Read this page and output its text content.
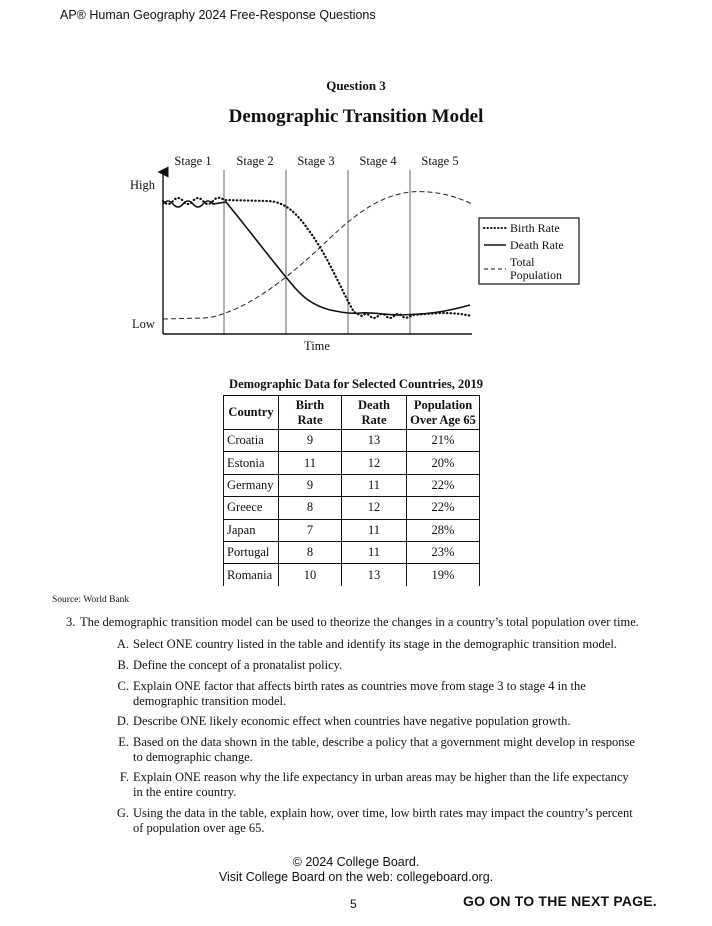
AP® Human Geography 2024 Free-Response Questions
Question 3
Demographic Transition Model
Stage 1 Stage 2 Stage 3 Stage 4 Stage 5
High
Low
Time
Birth Rate
Death Rate
Total
Population
Demographic Data for Selected Countries, 2019
Country	Birth Rate	Death Rate	Population
Over Age 65

Croatia	9	13	21%
Estonia	11	12	20%
Germany	9	11	22%
Greece	8	12	22%
Japan	7	11	28%
Portugal	8	11	23%
Romania	10	13	19%
Source: World Bank
3. The demographic transition model can be used to theorize the changes in a country’s total population over time.
A. Select ONE country listed in the table and identify its stage in the demographic transition model.
B. Define the concept of a pronatalist policy.
C. Explain ONE factor that affects birth rates as countries move from stage 3 to stage 4 in the
demographic transition model.
D. Describe ONE likely economic effect when countries have negative population growth.
E. Based on the data shown in the table, describe a policy that a government might develop in response
to demographic change.
F. Explain ONE reason why the life expectancy in urban areas may be higher than the life expectancy
in the entire country.
G. Using the data in the table, explain how, over time, low birth rates may impact the country’s percent
of population over age 65.
© 2024 College Board.
Visit College Board on the web: collegeboard.org.
5	GO ON TO THE NEXT PAGE.
